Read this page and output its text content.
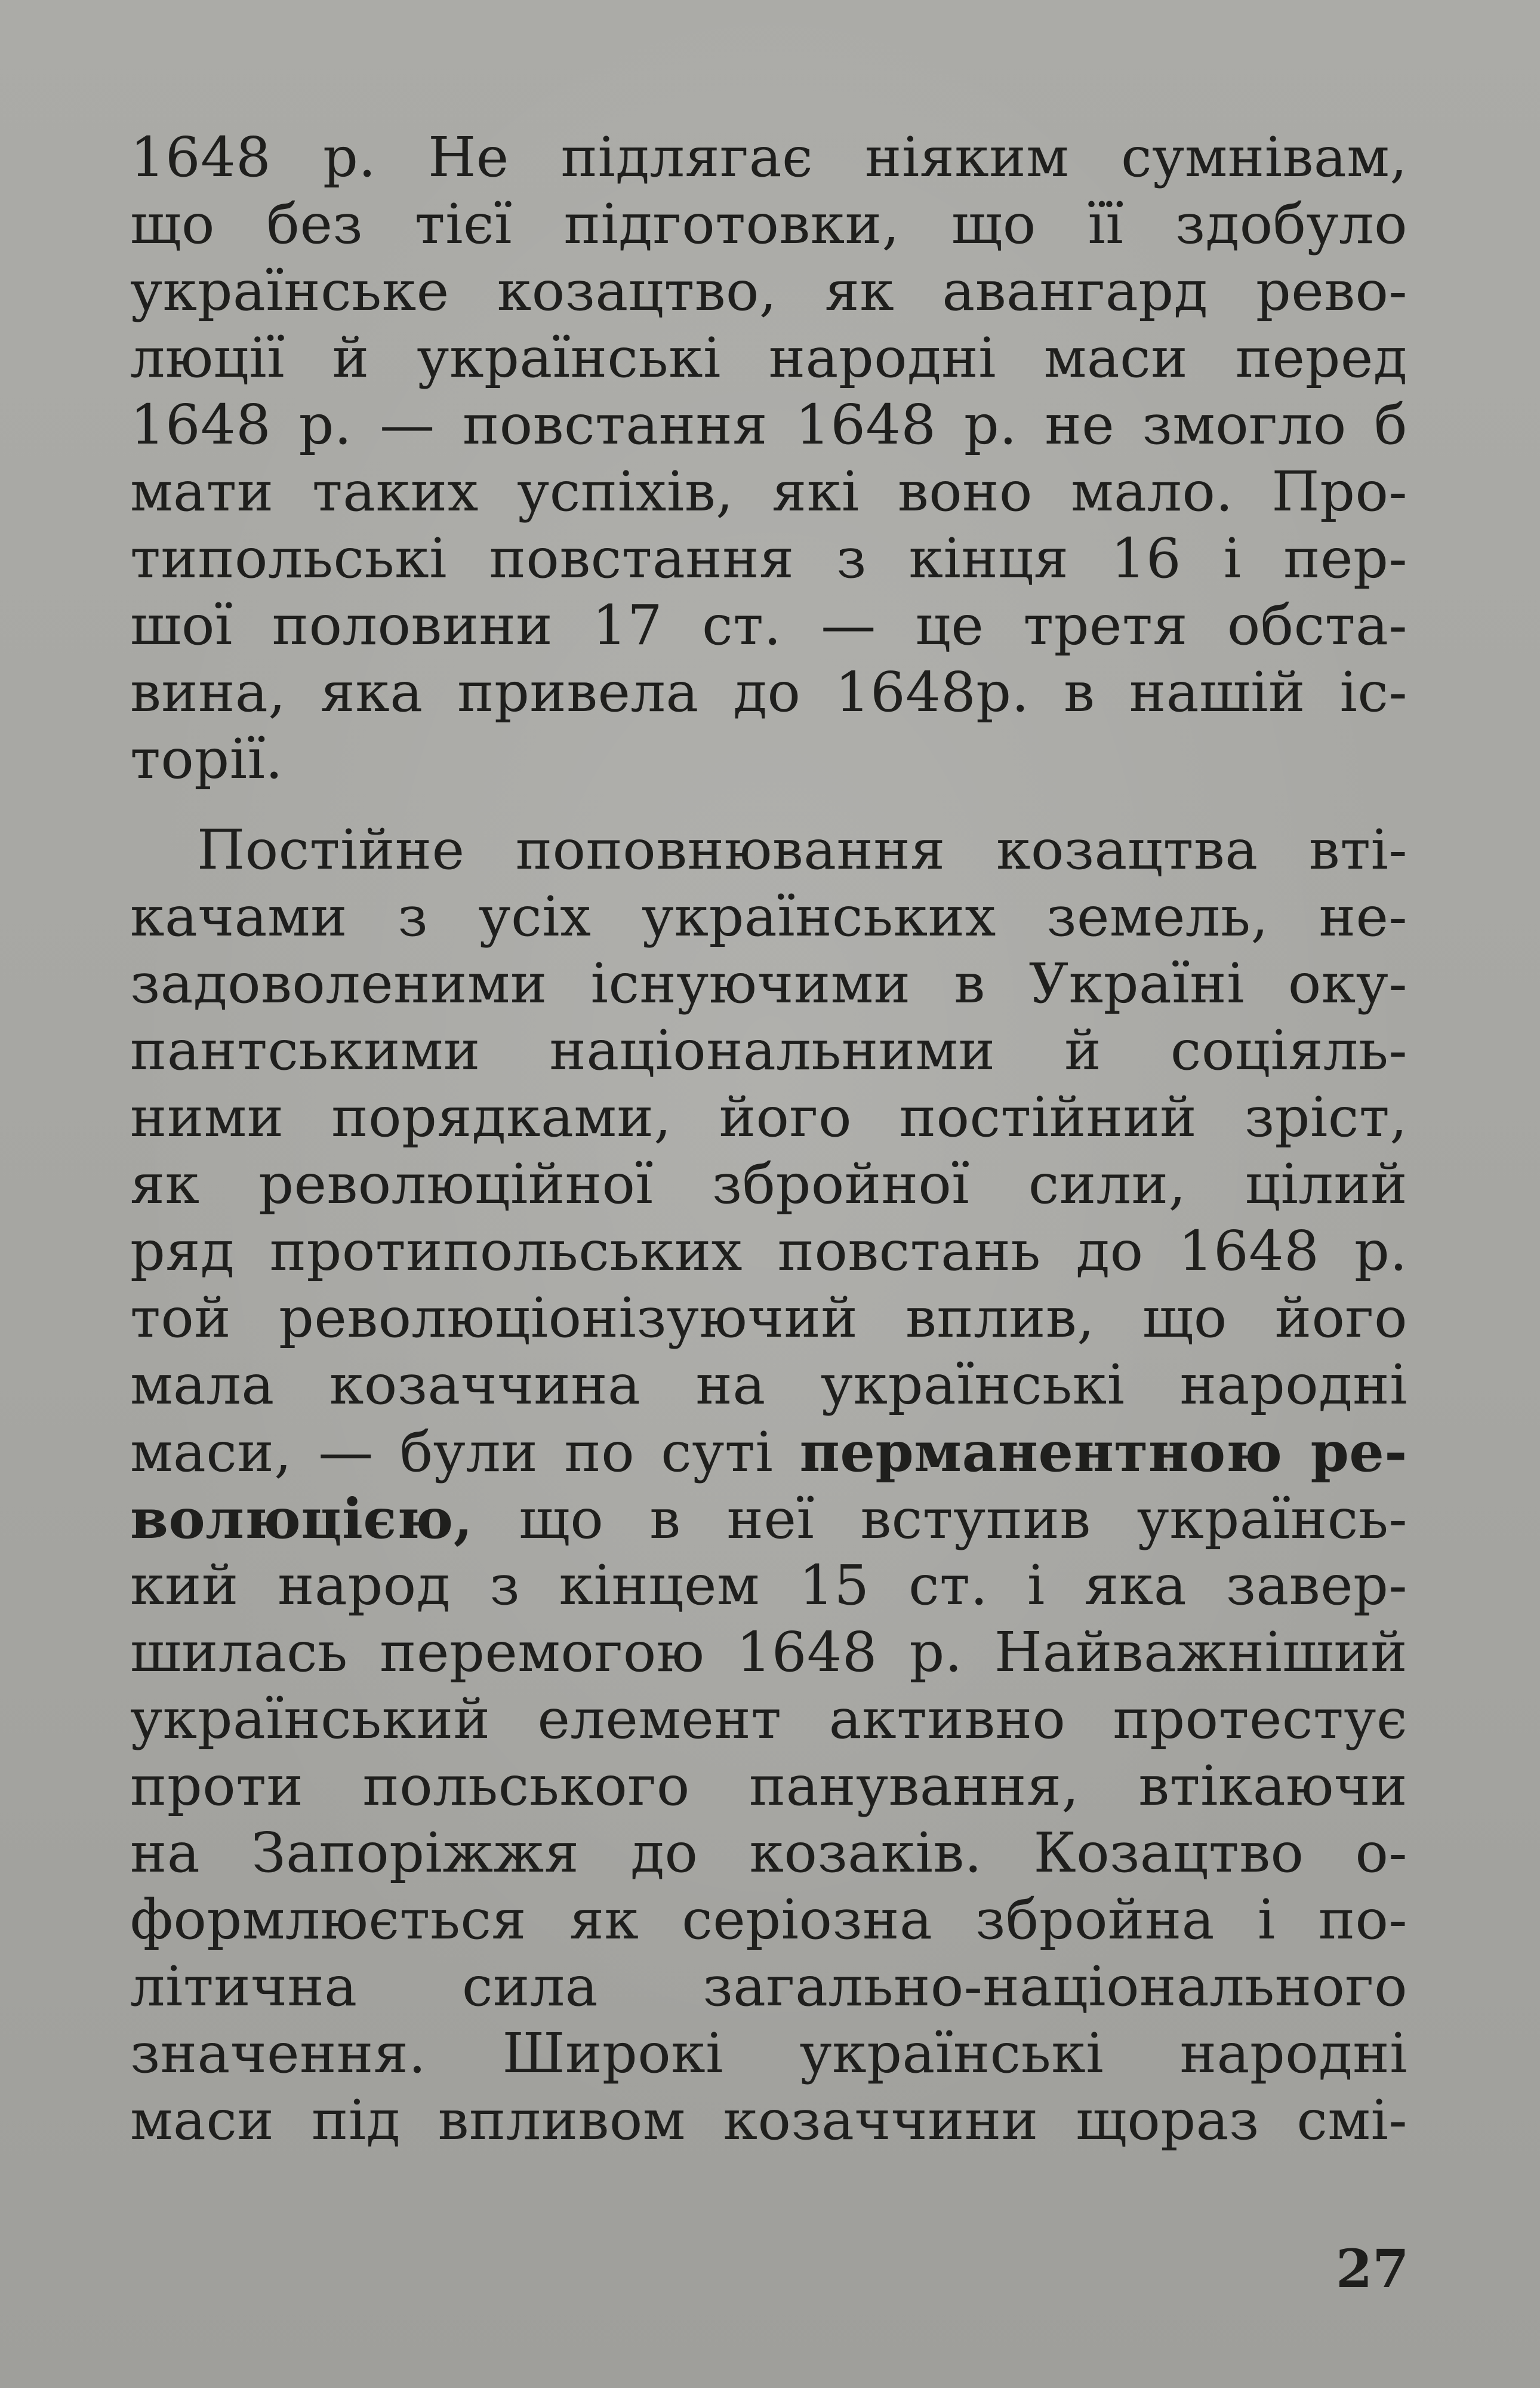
1648 р. Не підлягає ніяким сумнівам,
що без тієї підготовки, що її здобуло
українське козацтво, як авангард рево-
люції й українські народні маси перед
1648 р. — повстання 1648 р. не змогло б
мати таких успіхів, які воно мало. Про-
типольські повстання з кінця 16 і пер-
шої половини 17 ст. — це третя обста-
вина, яка привела до 1648р. в нашій іс-
торії.
Постійне поповнювання козацтва вті-
качами з усіх українських земель, не-
задоволеними існуючими в Україні оку-
пантськими національними й соціяль-
ними порядками, його постійний зріст,
як революційної збройної сили, цілий
ряд протипольських повстань до 1648 р.
той революціонізуючий вплив, що його
мала козаччина на українські народні
маси, — були по суті перманентною ре-
волюцією, що в неї вступив українсь-
кий народ з кінцем 15 ст. і яка завер-
шилась перемогою 1648 р. Найважніший
український елемент активно протестує
проти польського панування, втікаючи
на Запоріжжя до козаків. Козацтво о-
формлюється як серіозна збройна і по-
літична сила загально-національного
значення. Широкі українські народні
маси під впливом козаччини щораз смі-
27
